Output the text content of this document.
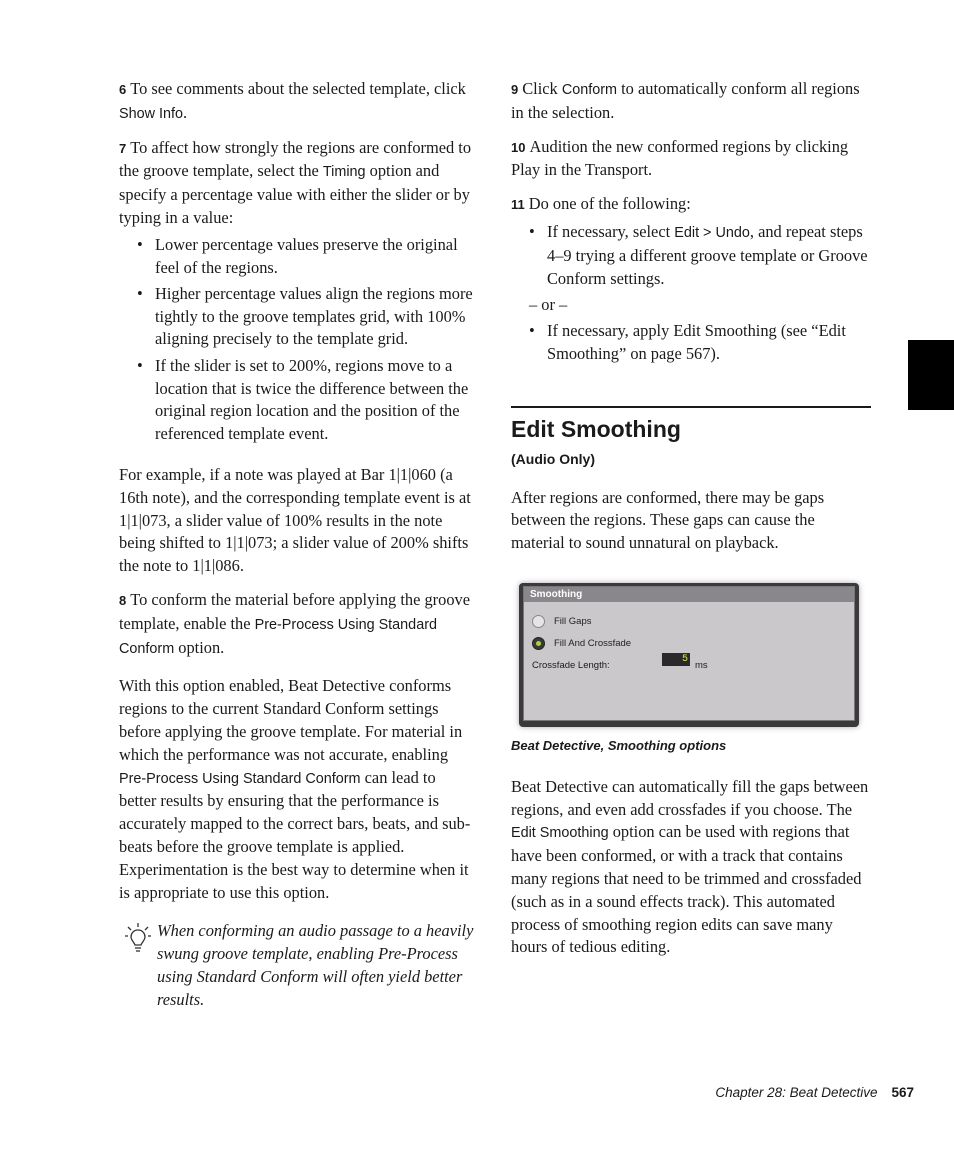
6 To see comments about the selected template, click Show Info.

7 To affect how strongly the regions are conformed to the groove template, select the Timing option and specify a percentage value with either the slider or by typing in a value:

• Lower percentage values preserve the original feel of the regions.
• Higher percentage values align the regions more tightly to the groove templates grid, with 100% aligning precisely to the template grid.
• If the slider is set to 200%, regions move to a location that is twice the difference between the original region location and the position of the referenced template event.

For example, if a note was played at Bar 1|1|060 (a 16th note), and the corresponding template event is at 1|1|073, a slider value of 100% results in the note being shifted to 1|1|073; a slider value of 200% shifts the note to 1|1|086.

8 To conform the material before applying the groove template, enable the Pre-Process Using Standard Conform option.

With this option enabled, Beat Detective conforms regions to the current Standard Conform settings before applying the groove template. For material in which the performance was not accurate, enabling Pre-Process Using Standard Conform can lead to better results by ensuring that the performance is accurately mapped to the correct bars, beats, and sub-beats before the groove template is applied. Experimentation is the best way to determine when it is appropriate to use this option.

When conforming an audio passage to a heavily swung groove template, enabling Pre-Process using Standard Conform will often yield better results.

9 Click Conform to automatically conform all regions in the selection.

10 Audition the new conformed regions by clicking Play in the Transport.

11 Do one of the following:

• If necessary, select Edit > Undo, and repeat steps 4–9 trying a different groove template or Groove Conform settings.

– or –

• If necessary, apply Edit Smoothing (see “Edit Smoothing” on page 567).
Edit Smoothing

(Audio Only)

After regions are conformed, there may be gaps between the regions. These gaps can cause the material to sound unnatural on playback.

Smoothing
Fill Gaps
Fill And Crossfade
Crossfade Length:
5
ms

Beat Detective, Smoothing options

Beat Detective can automatically fill the gaps between regions, and even add crossfades if you choose. The Edit Smoothing option can be used with regions that have been conformed, or with a track that contains many regions that need to be trimmed and crossfaded (such as in a sound effects track). This automated process of smoothing region edits can save many hours of tedious editing.

Chapter 28: Beat Detective 567
